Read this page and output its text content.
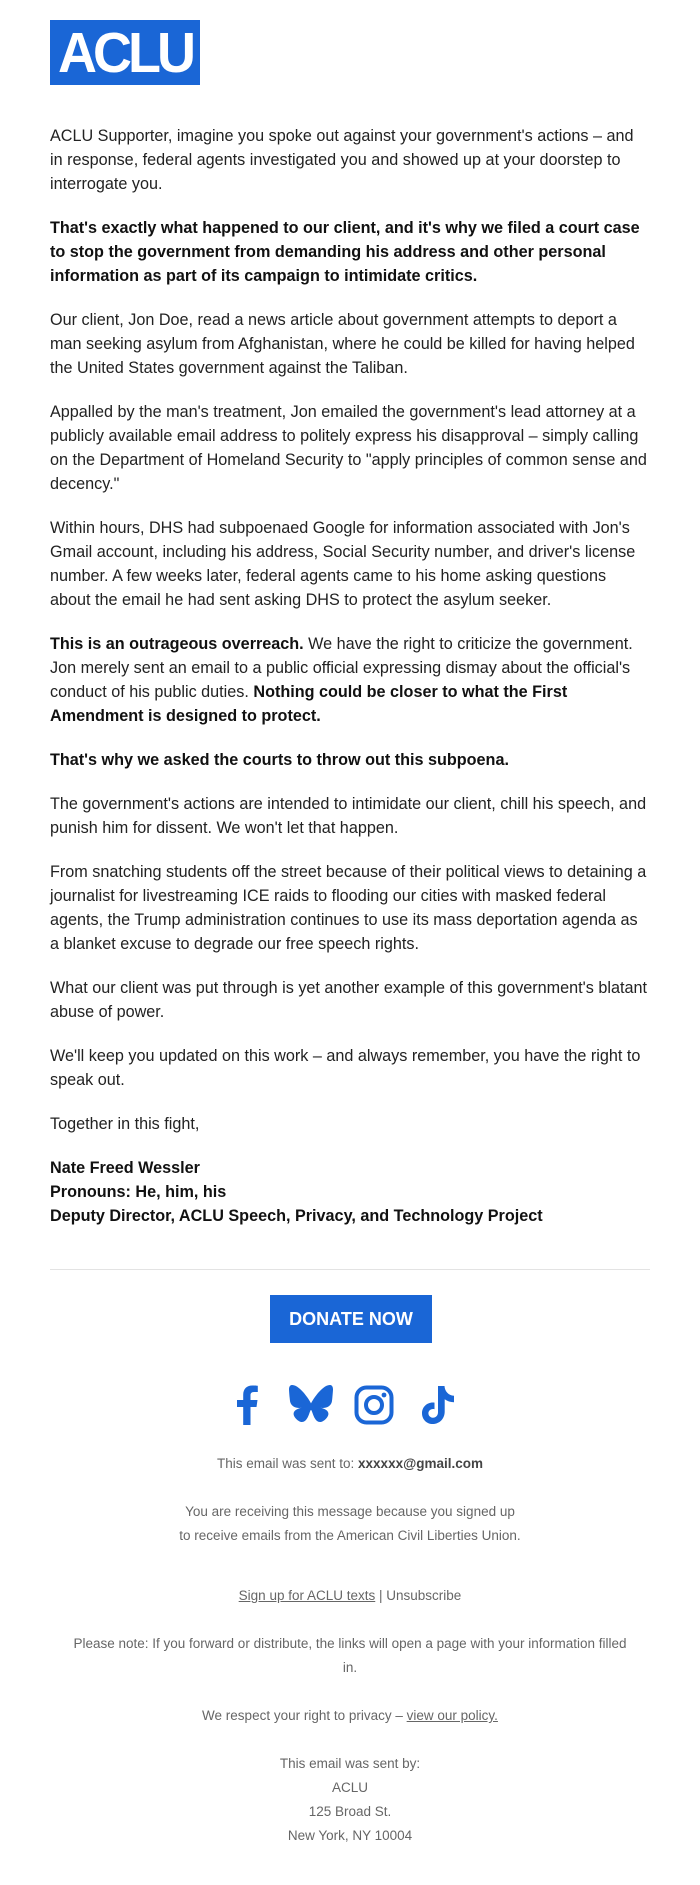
ACLU

ACLU Supporter, imagine you spoke out against your government's actions – and in response, federal agents investigated you and showed up at your doorstep to interrogate you.

That's exactly what happened to our client, and it's why we filed a court case to stop the government from demanding his address and other personal information as part of its campaign to intimidate critics.

Our client, Jon Doe, read a news article about government attempts to deport a man seeking asylum from Afghanistan, where he could be killed for having helped the United States government against the Taliban.

Appalled by the man's treatment, Jon emailed the government's lead attorney at a publicly available email address to politely express his disapproval – simply calling on the Department of Homeland Security to "apply principles of common sense and decency."

Within hours, DHS had subpoenaed Google for information associated with Jon's Gmail account, including his address, Social Security number, and driver's license number. A few weeks later, federal agents came to his home asking questions about the email he had sent asking DHS to protect the asylum seeker.

This is an outrageous overreach. We have the right to criticize the government. Jon merely sent an email to a public official expressing dismay about the official's conduct of his public duties. Nothing could be closer to what the First Amendment is designed to protect.

That's why we asked the courts to throw out this subpoena.

The government's actions are intended to intimidate our client, chill his speech, and punish him for dissent. We won't let that happen.

From snatching students off the street because of their political views to detaining a journalist for livestreaming ICE raids to flooding our cities with masked federal agents, the Trump administration continues to use its mass deportation agenda as a blanket excuse to degrade our free speech rights.

What our client was put through is yet another example of this government's blatant abuse of power.

We'll keep you updated on this work – and always remember, you have the right to speak out.

Together in this fight,

Nate Freed Wessler
Pronouns: He, him, his
Deputy Director, ACLU Speech, Privacy, and Technology Project
DONATE NOW
This email was sent to: xxxxxx@gmail.com
You are receiving this message because you signed up
to receive emails from the American Civil Liberties Union.
Sign up for ACLU texts | Unsubscribe
Please note: If you forward or distribute, the links will open a page with your information filled in.
We respect your right to privacy – view our policy.
This email was sent by:
ACLU
125 Broad St.
New York, NY 10004
